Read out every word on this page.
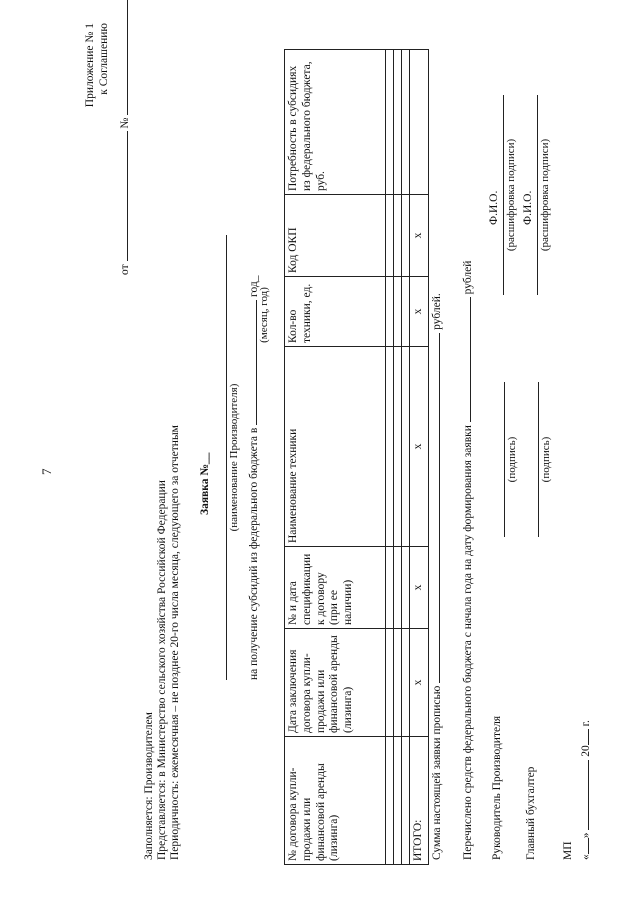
7
Приложение № 1 к Соглашению
от  №
Заполняется: Производителем Представляется: в Министерство сельского хозяйства Российской Федерации Периодичность: ежемесячная – не позднее 20-го числа месяца, следующего за отчетным Заявка №__ (наименование Производителя) на получение субсидий из федерального бюджета в  год_
(месяц, год)
№ договора купли-продажи или финансовой аренды (лизинга)	Дата заключения договора купли-продажи или финансовой аренды (лизинга)	№ и дата спецификации к договору (при ее наличии)	Наименование техники	Кол-во техники, ед.	Код ОКП	Потребность в субсидиях из федерального бюджета, руб.

ИТОГО:	x	x	x	x	x	
Сумма настоящей заявки прописью  рублей.
Перечислено средств федерального бюджета с начала года на дату формирования заявки  рублей
Руководитель Производителя
(подпись)
Ф.И.О. (расшифровка подписи)
Главный бухгалтер
(подпись)
Ф.И.О. (расшифровка подписи)
МП «»  20 г.
